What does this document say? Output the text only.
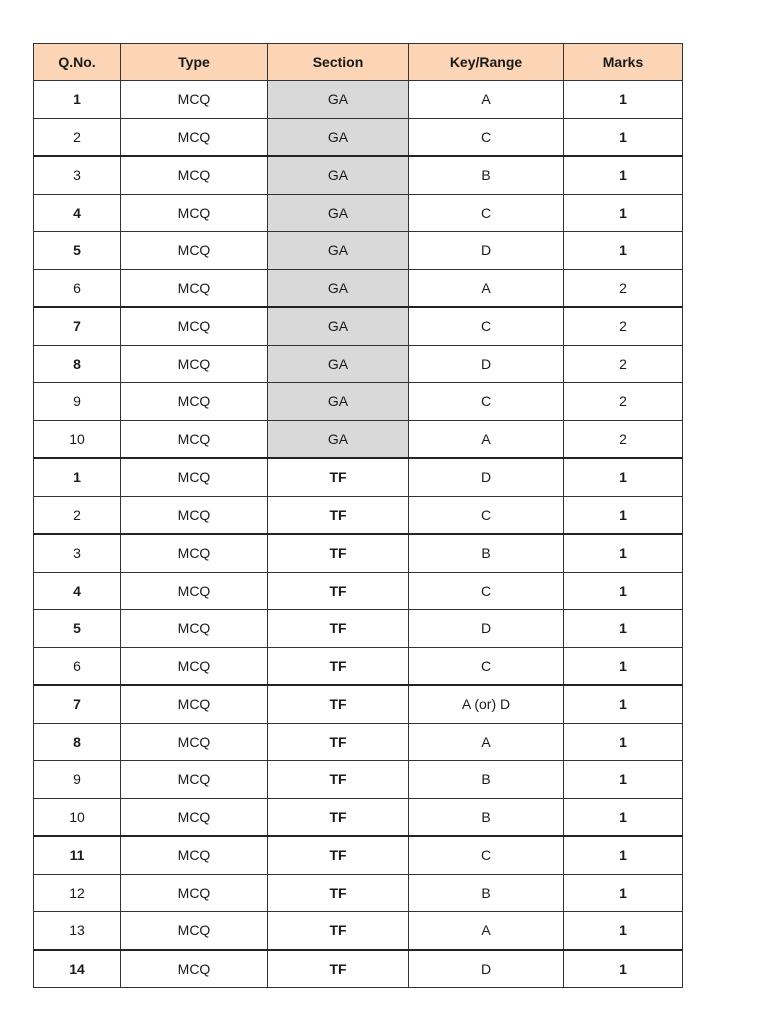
Q.No.	Type	Section	Key/Range	Marks
1	MCQ	GA	A	1
2	MCQ	GA	C	1
3	MCQ	GA	B	1
4	MCQ	GA	C	1
5	MCQ	GA	D	1
6	MCQ	GA	A	2
7	MCQ	GA	C	2
8	MCQ	GA	D	2
9	MCQ	GA	C	2
10	MCQ	GA	A	2
1	MCQ	TF	D	1
2	MCQ	TF	C	1
3	MCQ	TF	B	1
4	MCQ	TF	C	1
5	MCQ	TF	D	1
6	MCQ	TF	C	1
7	MCQ	TF	A (or) D	1
8	MCQ	TF	A	1
9	MCQ	TF	B	1
10	MCQ	TF	B	1
11	MCQ	TF	C	1
12	MCQ	TF	B	1
13	MCQ	TF	A	1
14	MCQ	TF	D	1
